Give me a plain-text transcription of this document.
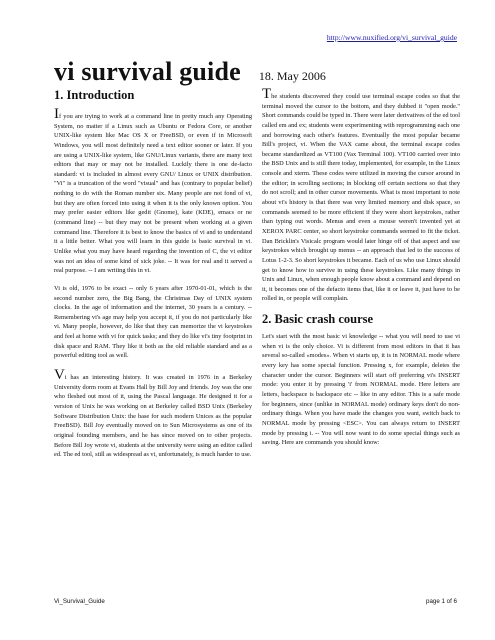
http://www.nuxified.org/vi_survival_guide
vi survival guide 18. May 2006
1. Introduction

If you are trying to work at a command line in pretty much any Operating System, no matter if a Linux such as Ubuntu or Fedora Core, or another UNIX-like system like Mac OS X or FreeBSD, or even if in Microsoft Windows, you will most definitely need a text editor sooner or later. If you are using a UNIX-like system, like GNU/Linux variants, there are many text editors that may or may not be installed. Luckily there is one de-facto standard: vi is included in almost every GNU/ Linux or UNIX distribution. "Vi" is a truncation of the word "visual" and has (contrary to popular belief) nothing to do with the Roman number six. Many people are not fond of vi, but they are often forced into using it when it is the only known option. You may prefer easier editors like gedit (Gnome), kate (KDE), emacs or ne (command line) -- but they may not be present when working at a given command line. Therefore it is best to know the basics of vi and to understand it a little better. What you will learn in this guide is basic survival in vi. Unlike what you may have heard regarding the invention of C, the vi editor was not an idea of some kind of sick joke. -- It was for real and it served a real purpose. -- I am writing this in vi.

Vi is old, 1976 to be exact -- only 6 years after 1970-01-01, which is the second number zero, the Big Bang, the Christmas Day of UNIX system clocks. In the age of information and the internet, 30 years is a century. -- Remembering vi's age may help you accept it, if you do not particularly like vi. Many people, however, do like that they can memorize the vi keystrokes and feel at home with vi for quick tasks; and they do like vi's tiny footprint in disk space and RAM. They like it both as the old reliable standard and as a powerful editing tool as well.

Vi has an interesting history. It was created in 1976 in a Berkeley University dorm room at Evans Hall by Bill Joy and friends. Joy was the one who fleshed out most of it, using the Pascal language. He designed it for a version of Unix he was working on at Berkeley called BSD Unix (Berkeley Software Distribution Unix: the base for such modern Unices as the popular FreeBSD). Bill Joy eventually moved on to Sun Microsystems as one of its original founding members, and he has since moved on to other projects. Before Bill Joy wrote vi, students at the university were using an editor called ed. The ed tool, still as widespread as vi, unfortunately, is much harder to use.

The students discovered they could use terminal escape codes so that the terminal moved the cursor to the bottom, and they dubbed it "open mode." Short commands could be typed in. There were later derivatives of the ed tool called em and ex; students were experimenting with reprogramming each one and borrowing each other's features. Eventually the most popular became Bill's project, vi. When the VAX came about, the terminal escape codes became standardized as VT100 (Vax Terminal 100). VT100 carried over into the BSD Unix and is still there today, implemented, for example, in the Linux console and xterm. These codes were utilized in moving the cursor around in the editor; in scrolling sections; in blocking off certain sections so that they do not scroll; and in other cursor movements. What is most important to note about vi's history is that there was very limited memory and disk space, so commands seemed to be more efficient if they were short keystrokes, rather than typing out words. Menus and even a mouse weren't invented yet at XEROX PARC center, so short keystroke commands seemed to fit the ticket. Dan Bricklin's Visicalc program would later hinge off of that aspect and use keystrokes which brought up menus -- an approach that led to the success of Lotus 1-2-3. So short keystrokes it became. Each of us who use Linux should get to know how to survive in using these keystrokes. Like many things in Unix and Linux, when enough people know about a command and depend on it, it becomes one of the defacto items that, like it or leave it, just have to be rolled in, or people will complain.

2. Basic crash course

Let's start with the most basic vi knowledge -- what you will need to use vi when vi is the only choice. Vi is different from most editors in that it has several so-called «modes». When vi starts up, it is in NORMAL mode where every key has some special function. Pressing x, for example, deletes the character under the cursor. Beginners will start off preferring vi's INSERT mode: you enter it by pressing 'i' from NORMAL mode. Here letters are letters, backspace is backspace etc -- like in any editor. This is a safe mode for beginners, since (unlike in NORMAL mode) ordinary keys don't do non-ordinary things. When you have made the changes you want, switch back to NORMAL mode by pressing <ESC>. You can always return to INSERT mode by pressing i. -- You will now want to do some special things such as saving. Here are commands you should know:

Vi_Survival_Guide	page 1 of 6
